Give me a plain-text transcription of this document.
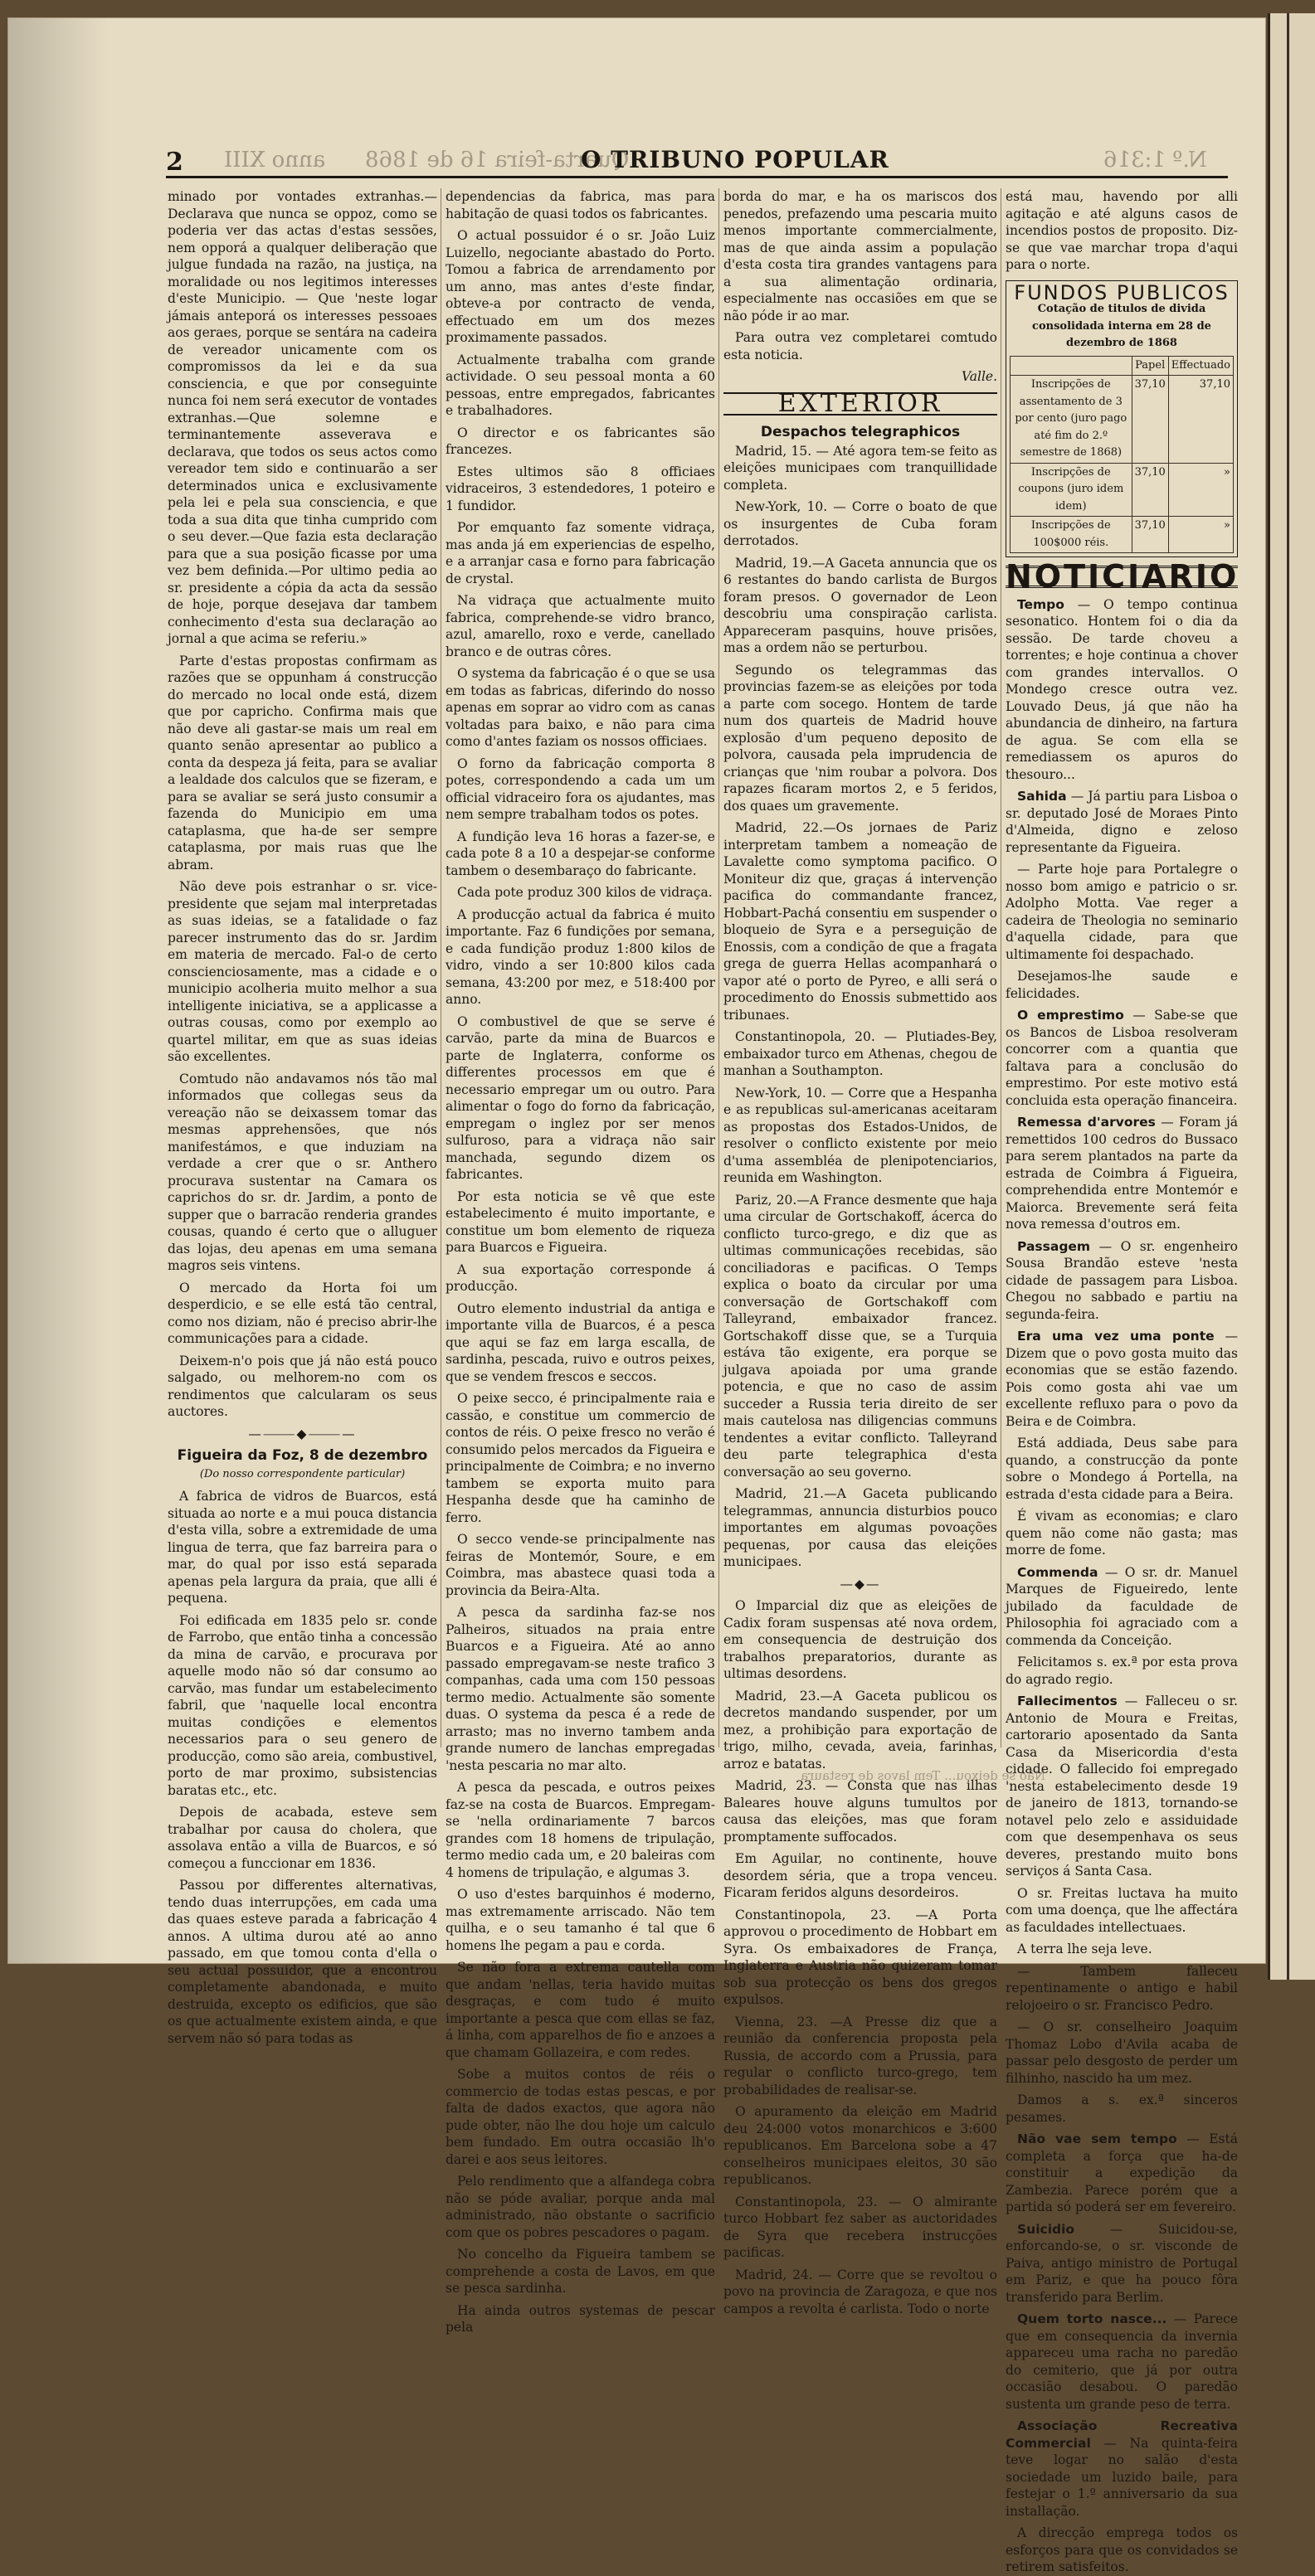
2 anno XIII Quarta-feira 16 de 1868
O TRIBUNO POPULAR	N.º 1:316

minado por vontades extranhas.—Declarava que nunca se oppoz, como se poderia ver das actas d'estas sessões, nem opporá a qualquer deliberação que julgue fundada na razão, na justiça, na moralidade ou nos legitimos interesses d'este Municipio. — Que 'neste logar jámais anteporá os interesses pessoaes aos geraes, porque se sentára na cadeira de vereador unicamente com os compromissos da lei e da sua consciencia, e que por conseguinte nunca foi nem será executor de vontades extranhas.—Que solemne e terminantemente asseverava e declarava, que todos os seus actos como vereador tem sido e continuarão a ser determinados unica e exclusivamente pela lei e pela sua consciencia, e que toda a sua dita que tinha cumprido com o seu dever.—Que fazia esta declaração para que a sua posição ficasse por uma vez bem definida.—Por ultimo pedia ao sr. presidente a cópia da acta da sessão de hoje, porque desejava dar tambem conhecimento d'esta sua declaração ao jornal a que acima se referiu.»

Parte d'estas propostas confirmam as razões que se oppunham á construcção do mercado no local onde está, dizem que por capricho. Confirma mais que não deve ali gastar-se mais um real em quanto senão apresentar ao publico a conta da despeza já feita, para se avaliar a lealdade dos calculos que se fizeram, e para se avaliar se será justo consumir a fazenda do Municipio em uma cataplasma, que ha-de ser sempre cataplasma, por mais ruas que lhe abram.

Não deve pois estranhar o sr. vice-presidente que sejam mal interpretadas as suas ideias, se a fatalidade o faz parecer instrumento das do sr. Jardim em materia de mercado. Fal-o de certo conscienciosamente, mas a cidade e o municipio acolheria muito melhor a sua intelligente iniciativa, se a applicasse a outras cousas, como por exemplo ao quartel militar, em que as suas ideias são excellentes.

Comtudo não andavamos nós tão mal informados que collegas seus da vereação não se deixassem tomar das mesmas apprehensões, que nós manifestámos, e que induziam na verdade a crer que o sr. Anthero procurava sustentar na Camara os caprichos do sr. dr. Jardim, a ponto de supper que o barracão renderia grandes cousas, quando é certo que o alluguer das lojas, deu apenas em uma semana magros seis vintens.

O mercado da Horta foi um desperdicio, e se elle está tão central, como nos diziam, não é preciso abrir-lhe communicações para a cidade.

Deixem-n'o pois que já não está pouco salgado, ou melhorem-no com os rendimentos que calcularam os seus auctores.

—⸻◆⸻—
Figueira da Foz, 8 de dezembro
(Do nosso correspondente particular)

A fabrica de vidros de Buarcos, está situada ao norte e a mui pouca distancia d'esta villa, sobre a extremidade de uma lingua de terra, que faz barreira para o mar, do qual por isso está separada apenas pela largura da praia, que alli é pequena.

Foi edificada em 1835 pelo sr. conde de Farrobo, que então tinha a concessão da mina de carvão, e procurava por aquelle modo não só dar consumo ao carvão, mas fundar um estabelecimento fabril, que 'naquelle local encontra muitas condições e elementos necessarios para o seu genero de producção, como são areia, combustivel, porto de mar proximo, subsistencias baratas etc., etc.

Depois de acabada, esteve sem trabalhar por causa do cholera, que assolava então a villa de Buarcos, e só começou a funccionar em 1836.

Passou por differentes alternativas, tendo duas interrupções, em cada uma das quaes esteve parada a fabricação 4 annos. A ultima durou até ao anno passado, em que tomou conta d'ella o seu actual possuidor, que a encontrou completamente abandonada, e muito destruida, excepto os edificios, que são os que actualmente existem ainda, e que servem não só para todas as

dependencias da fabrica, mas para habitação de quasi todos os fabricantes.

O actual possuidor é o sr. João Luiz Luizello, negociante abastado do Porto. Tomou a fabrica de arrendamento por um anno, mas antes d'este findar, obteve-a por contracto de venda, effectuado em um dos mezes proximamente passados.

Actualmente trabalha com grande actividade. O seu pessoal monta a 60 pessoas, entre empregados, fabricantes e trabalhadores.

O director e os fabricantes são francezes.

Estes ultimos são 8 officiaes vidraceiros, 3 estendedores, 1 poteiro e 1 fundidor.

Por emquanto faz somente vidraça, mas anda já em experiencias de espelho, e a arranjar casa e forno para fabricação de crystal.

Na vidraça que actualmente muito fabrica, comprehende-se vidro branco, azul, amarello, roxo e verde, canellado branco e de outras côres.

O systema da fabricação é o que se usa em todas as fabricas, diferindo do nosso apenas em soprar ao vidro com as canas voltadas para baixo, e não para cima como d'antes faziam os nossos officiaes.

O forno da fabricação comporta 8 potes, correspondendo a cada um um official vidraceiro fora os ajudantes, mas nem sempre trabalham todos os potes.

A fundição leva 16 horas a fazer-se, e cada pote 8 a 10 a despejar-se conforme tambem o desembaraço do fabricante.

Cada pote produz 300 kilos de vidraça.

A producção actual da fabrica é muito importante. Faz 6 fundições por semana, e cada fundição produz 1:800 kilos de vidro, vindo a ser 10:800 kilos cada semana, 43:200 por mez, e 518:400 por anno.

O combustivel de que se serve é carvão, parte da mina de Buarcos e parte de Inglaterra, conforme os differentes processos em que é necessario empregar um ou outro. Para alimentar o fogo do forno da fabricação, empregam o inglez por ser menos sulfuroso, para a vidraça não sair manchada, segundo dizem os fabricantes.

Por esta noticia se vê que este estabelecimento é muito importante, e constitue um bom elemento de riqueza para Buarcos e Figueira.

A sua exportação corresponde á producção.

Outro elemento industrial da antiga e importante villa de Buarcos, é a pesca que aqui se faz em larga escalla, de sardinha, pescada, ruivo e outros peixes, que se vendem frescos e seccos.

O peixe secco, é principalmente raia e cassão, e constitue um commercio de contos de réis. O peixe fresco no verão é consumido pelos mercados da Figueira e principalmente de Coimbra; e no inverno tambem se exporta muito para Hespanha desde que ha caminho de ferro.

O secco vende-se principalmente nas feiras de Montemór, Soure, e em Coimbra, mas abastece quasi toda a provincia da Beira-Alta.

A pesca da sardinha faz-se nos Palheiros, situados na praia entre Buarcos e a Figueira. Até ao anno passado empregavam-se neste trafico 3 companhas, cada uma com 150 pessoas termo medio. Actualmente são somente duas. O systema da pesca é a rede de arrasto; mas no inverno tambem anda grande numero de lanchas empregadas 'nesta pescaria no mar alto.

A pesca da pescada, e outros peixes faz-se na costa de Buarcos. Empregam-se 'nella ordinariamente 7 barcos grandes com 18 homens de tripulação, termo medio cada um, e 20 baleiras com 4 homens de tripulação, e algumas 3.

O uso d'estes barquinhos é moderno, mas extremamente arriscado. Não tem quilha, e o seu tamanho é tal que 6 homens lhe pegam a pau e corda.

Se não fora a extrema cautella com que andam 'nellas, teria havido muitas desgraças, e com tudo é muito importante a pesca que com ellas se faz, á linha, com apparelhos de fio e anzoes a que chamam Gollazeira, e com redes.

Sobe a muitos contos de réis o commercio de todas estas pescas, e por falta de dados exactos, que agora não pude obter, não lhe dou hoje um calculo bem fundado. Em outra occasião lh'o darei e aos seus leitores.

Pelo rendimento que a alfandega cobra não se póde avaliar, porque anda mal administrado, não obstante o sacrificio com que os pobres pescadores o pagam.

No concelho da Figueira tambem se comprehende a costa de Lavos, em que se pesca sardinha.

Ha ainda outros systemas de pescar pela

borda do mar, e ha os mariscos dos penedos, prefazendo uma pescaria muito menos importante commercialmente, mas de que ainda assim a população d'esta costa tira grandes vantagens para a sua alimentação ordinaria, especialmente nas occasiões em que se não póde ir ao mar.

Para outra vez completarei comtudo esta noticia.

Valle.
EXTERIOR
Despachos telegraphicos

Madrid, 15. — Até agora tem-se feito as eleições municipaes com tranquillidade completa.

New-York, 10. — Corre o boato de que os insurgentes de Cuba foram derrotados.

Madrid, 19.—A Gaceta annuncia que os 6 restantes do bando carlista de Burgos foram presos. O governador de Leon descobriu uma conspiração carlista. Appareceram pasquins, houve prisões, mas a ordem não se perturbou.

Segundo os telegrammas das provincias fazem-se as eleições por toda a parte com socego. Hontem de tarde num dos quarteis de Madrid houve explosão d'um pequeno deposito de polvora, causada pela imprudencia de crianças que 'nim roubar a polvora. Dos rapazes ficaram mortos 2, e 5 feridos, dos quaes um gravemente.

Madrid, 22.—Os jornaes de Pariz interpretam tambem a nomeação de Lavalette como symptoma pacifico. O Moniteur diz que, graças á intervenção pacifica do commandante francez, Hobbart-Pachá consentiu em suspender o bloqueio de Syra e a perseguição de Enossis, com a condição de que a fragata grega de guerra Hellas acompanhará o vapor até o porto de Pyreo, e alli será o procedimento do Enossis submettido aos tribunaes.

Constantinopola, 20. — Plutiades-Bey, embaixador turco em Athenas, chegou de manhan a Southampton.

New-York, 10. — Corre que a Hespanha e as republicas sul-americanas aceitaram as propostas dos Estados-Unidos, de resolver o conflicto existente por meio d'uma assembléa de plenipotenciarios, reunida em Washington.

Pariz, 20.—A France desmente que haja uma circular de Gortschakoff, ácerca do conflicto turco-grego, e diz que as ultimas communicações recebidas, são conciliadoras e pacificas. O Temps explica o boato da circular por uma conversação de Gortschakoff com Talleyrand, embaixador francez. Gortschakoff disse que, se a Turquia estáva tão exigente, era porque se julgava apoiada por uma grande potencia, e que no caso de assim succeder a Russia teria direito de ser mais cautelosa nas diligencias communs tendentes a evitar conflicto. Talleyrand deu parte telegraphica d'esta conversação ao seu governo.

Madrid, 21.—A Gaceta publicando telegrammas, annuncia disturbios pouco importantes em algumas povoações pequenas, por causa das eleições municipaes.

—◆—

O Imparcial diz que as eleições de Cadix foram suspensas até nova ordem, em consequencia de destruição dos trabalhos preparatorios, durante as ultimas desordens.

Madrid, 23.—A Gaceta publicou os decretos mandando suspender, por um mez, a prohibição para exportação de trigo, milho, cevada, aveia, farinhas, arroz e batatas.

Madrid, 23. — Consta que nas ilhas Baleares houve alguns tumultos por causa das eleições, mas que foram promptamente suffocados.

Em Aguilar, no continente, houve desordem séria, que a tropa venceu. Ficaram feridos alguns desordeiros.

Constantinopola, 23. —A Porta approvou o procedimento de Hobbart em Syra. Os embaixadores de França, Inglaterra e Austria não quizeram tomar sob sua protecção os bens dos gregos expulsos.

Vienna, 23. —A Presse diz que a reunião da conferencia proposta pela Russia, de accordo com a Prussia, para regular o conflicto turco-grego, tem probabilidades de realisar-se.

O apuramento da eleição em Madrid deu 24:000 votos monarchicos e 3:600 republicanos. Em Barcelona sobe a 47 conselheiros municipaes eleitos, 30 são republicanos.

Constantinopola, 23. — O almirante turco Hobbart fez saber as auctoridades de Syra que recebera instrucções pacificas.

Madrid, 24. — Corre que se revoltou o povo na provincia de Zaragoza, e que nos campos a revolta é carlista. Todo o norte

está mau, havendo por alli agitação e até alguns casos de incendios postos de proposito. Diz-se que vae marchar tropa d'aqui para o norte.

FUNDOS PUBLICOS
Cotação de titulos de divida consolidada interna em 28 de dezembro de 1868
	Papel	Effectuado
Inscripções de assentamento de 3 por cento (juro pago até fim do 2.º semestre de 1868)	37,10	37,10
Inscripções de coupons (juro idem idem)	37,10	»
Inscripções de 100$000 réis.	37,10	»
NOTICIARIO

Tempo — O tempo continua sesonatico. Hontem foi o dia da sessão. De tarde choveu a torrentes; e hoje continua a chover com grandes intervallos. O Mondego cresce outra vez. Louvado Deus, já que não ha abundancia de dinheiro, na fartura de agua. Se com ella se remediassem os apuros do thesouro...

Sahida — Já partiu para Lisboa o sr. deputado José de Moraes Pinto d'Almeida, digno e zeloso representante da Figueira.

— Parte hoje para Portalegre o nosso bom amigo e patricio o sr. Adolpho Motta. Vae reger a cadeira de Theologia no seminario d'aquella cidade, para que ultimamente foi despachado.

Desejamos-lhe saude e felicidades.

O emprestimo — Sabe-se que os Bancos de Lisboa resolveram concorrer com a quantia que faltava para a conclusão do emprestimo. Por este motivo está concluida esta operação financeira.

Remessa d'arvores — Foram já remettidos 100 cedros do Bussaco para serem plantados na parte da estrada de Coimbra á Figueira, comprehendida entre Montemór e Maiorca. Brevemente será feita nova remessa d'outros em.

Passagem — O sr. engenheiro Sousa Brandão esteve 'nesta cidade de passagem para Lisboa. Chegou no sabbado e partiu na segunda-feira.

Era uma vez uma ponte — Dizem que o povo gosta muito das economias que se estão fazendo. Pois como gosta ahi vae um excellente refluxo para o povo da Beira e de Coimbra.

Está addiada, Deus sabe para quando, a construcção da ponte sobre o Mondego á Portella, na estrada d'esta cidade para a Beira.

É vivam as economias; e claro quem não come não gasta; mas morre de fome.

Commenda — O sr. dr. Manuel Marques de Figueiredo, lente jubilado da faculdade de Philosophia foi agraciado com a commenda da Conceição.

Felicitamos s. ex.ª por esta prova do agrado regio.

Fallecimentos — Falleceu o sr. Antonio de Moura e Freitas, cartorario aposentado da Santa Casa da Misericordia d'esta cidade. O fallecido foi empregado 'nesta estabelecimento desde 19 de janeiro de 1813, tornando-se notavel pelo zelo e assiduidade com que desempenhava os seus deveres, prestando muito bons serviços á Santa Casa.

O sr. Freitas luctava ha muito com uma doença, que lhe affectára as faculdades intellectuaes.

A terra lhe seja leve.

— Tambem falleceu repentinamente o antigo e habil relojoeiro o sr. Francisco Pedro.

— O sr. conselheiro Joaquim Thomaz Lobo d'Avila acaba de passar pelo desgosto de perder um filhinho, nascido ha um mez.

Damos a s. ex.ª sinceros pesames.

Não vae sem tempo — Está completa a força que ha-de constituir a expedição da Zambezia. Parece porém que a partida só poderá ser em fevereiro.

Suicidio	— Suicidou-se, enforcando-se, o sr. visconde de Paiva, antigo ministro de Portugal em Pariz, e que ha pouco fôra transferido para Berlim.

Quem torto nasce... — Parece que em consequencia da invernia appareceu uma racha no paredão do cemiterio, que já por outra occasião desabou. O paredão sustenta um grande peso de terra.

Associação Recreativa Commercial — Na quinta-feira teve logar no salão d'esta sociedade um luzido baile, para festejar o 1.º anniversario da sua installação.

A direcção emprega todos os esforços para que os convidados se retirem satisfeitos.

Não se deixou... Tem lavos de restaura
